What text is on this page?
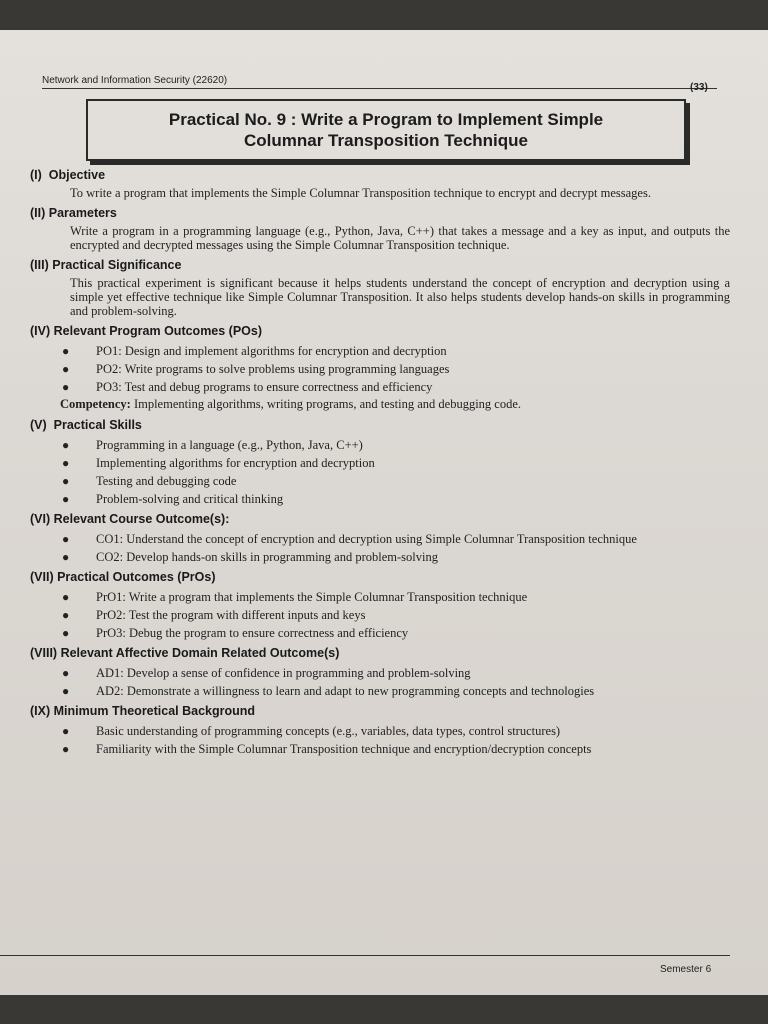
Network and Information Security (22620)
(33)
Practical No. 9 : Write a Program to Implement Simple
Columnar Transposition Technique
(I) Objective
To write a program that implements the Simple Columnar Transposition technique to encrypt and decrypt messages.
(II) Parameters
Write a program in a programming language (e.g., Python, Java, C++) that takes a message and a key as input, and outputs the encrypted and decrypted messages using the Simple Columnar Transposition technique.
(III) Practical Significance
This practical experiment is significant because it helps students understand the concept of encryption and decryption using a simple yet effective technique like Simple Columnar Transposition. It also helps students develop hands-on skills in programming and problem-solving.
(IV) Relevant Program Outcomes (POs)
● PO1: Design and implement algorithms for encryption and decryption
● PO2: Write programs to solve problems using programming languages
● PO3: Test and debug programs to ensure correctness and efficiency
Competency: Implementing algorithms, writing programs, and testing and debugging code.
(V) Practical Skills
● Programming in a language (e.g., Python, Java, C++)
● Implementing algorithms for encryption and decryption
● Testing and debugging code
● Problem-solving and critical thinking
(VI) Relevant Course Outcome(s):
● CO1: Understand the concept of encryption and decryption using Simple Columnar Transposition technique
● CO2: Develop hands-on skills in programming and problem-solving
(VII) Practical Outcomes (PrOs)
● PrO1: Write a program that implements the Simple Columnar Transposition technique
● PrO2: Test the program with different inputs and keys
● PrO3: Debug the program to ensure correctness and efficiency
(VIII) Relevant Affective Domain Related Outcome(s)
● AD1: Develop a sense of confidence in programming and problem-solving
● AD2: Demonstrate a willingness to learn and adapt to new programming concepts and technologies
(IX) Minimum Theoretical Background
● Basic understanding of programming concepts (e.g., variables, data types, control structures)
● Familiarity with the Simple Columnar Transposition technique and encryption/decryption concepts
Semester 6
